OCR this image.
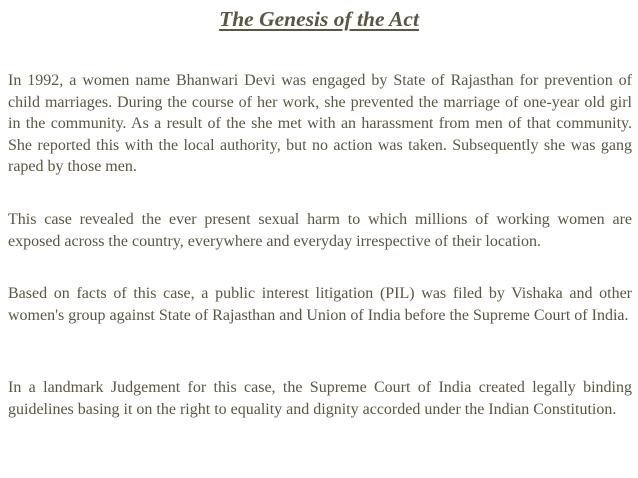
The Genesis of the Act

In 1992, a women name Bhanwari Devi was engaged by State of Rajasthan for prevention of child marriages. During the course of her work, she prevented the marriage of one-year old girl in the community. As a result of the she met with an harassment from men of that community. She reported this with the local authority, but no action was taken. Subsequently she was gang raped by those men.

This case revealed the ever present sexual harm to which millions of working women are exposed across the country, everywhere and everyday irrespective of their location.

Based on facts of this case, a public interest litigation (PIL) was filed by Vishaka and other women's group against State of Rajasthan and Union of India before the Supreme Court of India.

In a landmark Judgement for this case, the Supreme Court of India created legally binding guidelines basing it on the right to equality and dignity accorded under the Indian Constitution.
